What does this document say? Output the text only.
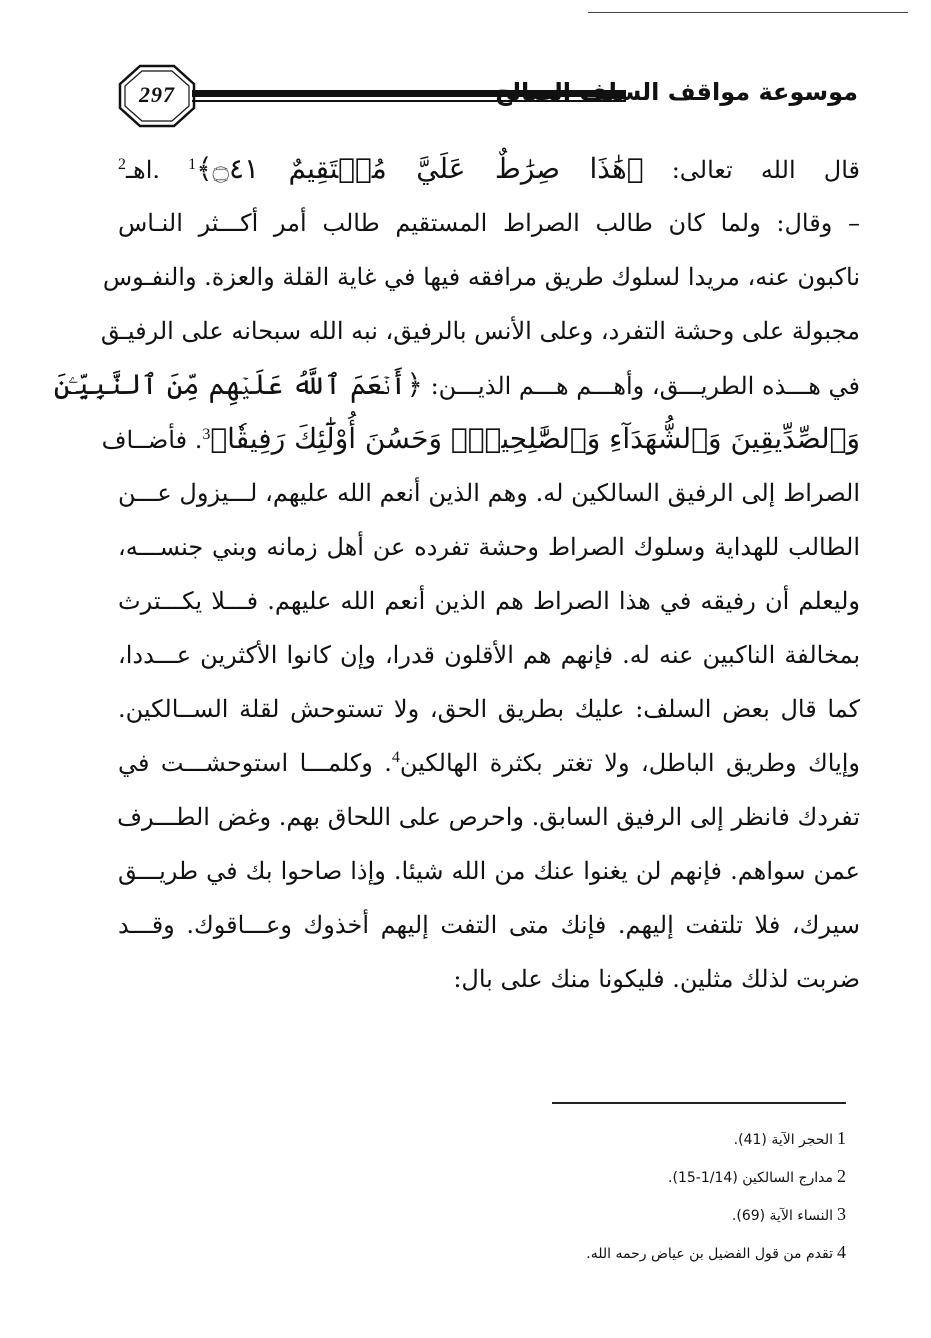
297	موسوعة مواقف السلف الصالح
قال الله تعالى: ﴿هَٰذَا صِرَٰطٌ عَلَيَّ مُسۡتَقِيمٌ ۝٤١﴾$^1$ .اهـ$^2$
– وقال: ولما كان طالب الصراط المستقيم طالب أمر أكـــثر النـاس
ناكبون عنه، مريدا لسلوك طريق مرافقه فيها في غاية القلة والعزة. والنفـوس
مجبولة على وحشة التفرد، وعلى الأنس بالرفيق، نبه الله سبحانه على الرفيـق
في هـــذه الطريـــق، وأهـــم هـــم الذيـــن: ﴿أَنۡعَمَ ٱللَّهُ عَلَيۡهِم مِّنَ ٱلنَّبِيِّـۧنَ
وَٱلصِّدِّيقِينَ وَٱلشُّهَدَآءِ وَٱلصَّٰلِحِينَۚ وَحَسُنَ أُوْلَٰٓئِكَ رَفِيقٗا﴾$^3$. فأضــاف
الصراط إلى الرفيق السالكين له. وهم الذين أنعم الله عليهم، لـــيزول عـــن
الطالب للهداية وسلوك الصراط وحشة تفرده عن أهل زمانه وبني جنســـه،
وليعلم أن رفيقه في هذا الصراط هم الذين أنعم الله عليهم. فـــلا يكـــترث
بمخالفة الناكبين عنه له. فإنهم هم الأقلون قدرا، وإن كانوا الأكثرين عـــددا،
كما قال بعض السلف: عليك بطريق الحق، ولا تستوحش لقلة الســالكين.
وإياك وطريق الباطل، ولا تغتر بكثرة الهالكين$^4$. وكلمـــا استوحشـــت في
تفردك فانظر إلى الرفيق السابق. واحرص على اللحاق بهم. وغض الطـــرف
عمن سواهم. فإنهم لن يغنوا عنك من الله شيئا. وإذا صاحوا بك في طريـــق
سيرك، فلا تلتفت إليهم. فإنك متى التفت إليهم أخذوك وعـــاقوك. وقـــد
ضربت لذلك مثلين. فليكونا منك على بال:
1الحجر الآية (41).
2مدارج السالكين (1/14-15).
3النساء الآية (69).
4تقدم من قول الفضيل بن عياض رحمه الله.
